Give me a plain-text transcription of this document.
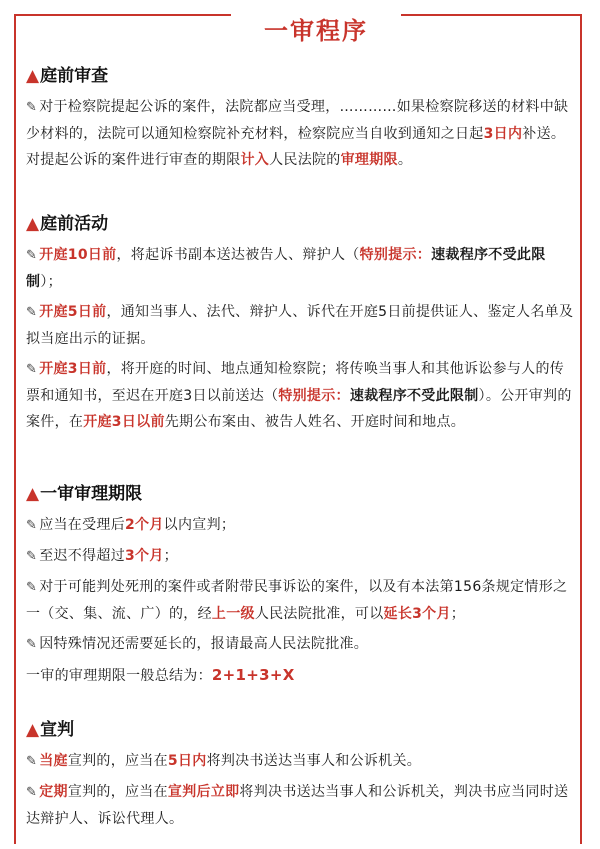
一审程序
▲庭前审查

✎ 对于检察院提起公诉的案件，法院都应当受理，…………如果检察院移送的材料中缺少材料的，法院可以通知检察院补充材料，检察院应当自收到通知之日起3日内补送。对提起公诉的案件进行审查的期限计入人民法院的审理期限。

▲庭前活动

✎ 开庭10日前，将起诉书副本送达被告人、辩护人（特别提示：速裁程序不受此限制）；

✎ 开庭5日前，通知当事人、法代、辩护人、诉代在开庭5日前提供证人、鉴定人名单及拟当庭出示的证据。

✎ 开庭3日前，将开庭的时间、地点通知检察院；将传唤当事人和其他诉讼参与人的传票和通知书，至迟在开庭3日以前送达（特别提示：速裁程序不受此限制）。公开审判的案件，在开庭3日以前先期公布案由、被告人姓名、开庭时间和地点。

▲一审审理期限

✎ 应当在受理后2个月以内宣判；

✎ 至迟不得超过3个月；

✎ 对于可能判处死刑的案件或者附带民事诉讼的案件，以及有本法第156条规定情形之一（交、集、流、广）的，经上一级人民法院批准，可以延长3个月；

✎ 因特殊情况还需要延长的，报请最高人民法院批准。

一审的审理期限一般总结为：2+1+3+X

▲宣判

✎ 当庭宣判的，应当在5日内将判决书送达当事人和公诉机关。

✎ 定期宣判的，应当在宣判后立即将判决书送达当事人和公诉机关，判决书应当同时送达辩护人、诉讼代理人。
